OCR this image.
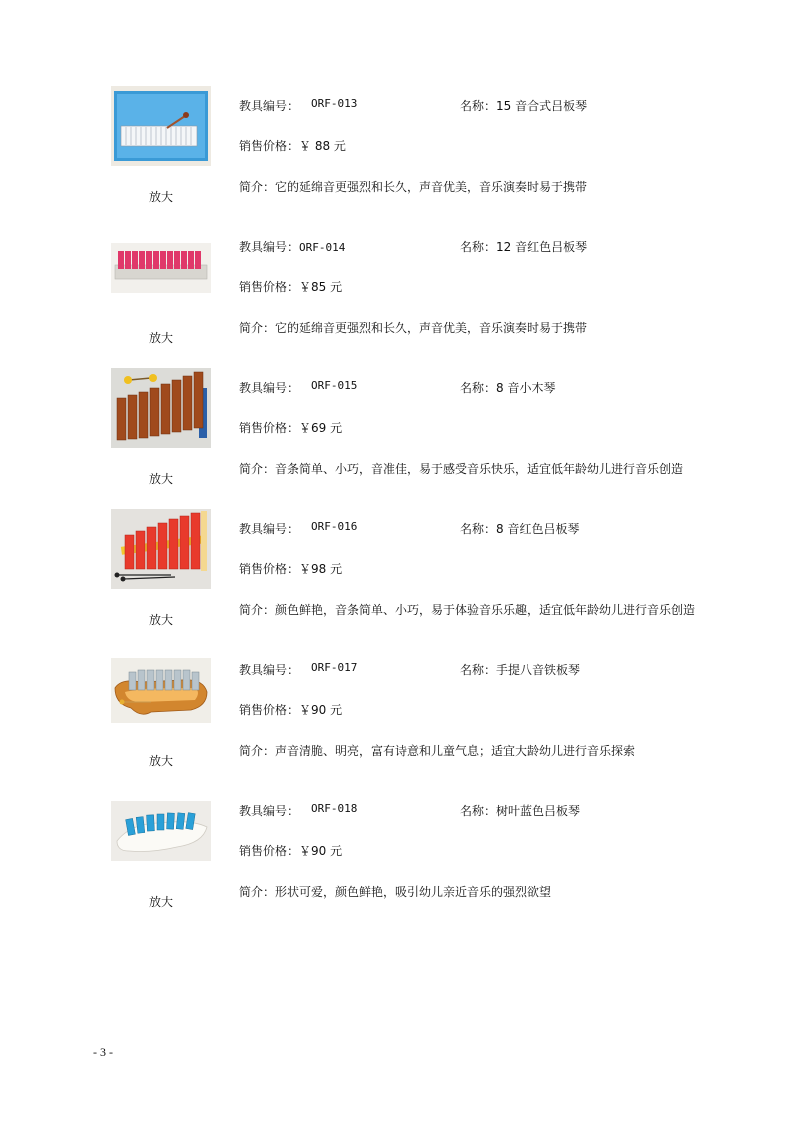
放大
教具编号： ORF-013	名称：15 音合式吕板琴
销售价格：￥ 88 元
简介：它的延绵音更强烈和长久，声音优美，音乐演奏时易于携带
放大
教具编号：ORF-014	名称：12 音红色吕板琴
销售价格：￥85 元
简介：它的延绵音更强烈和长久，声音优美，音乐演奏时易于携带
放大
教具编号： ORF-015	名称：8 音小木琴
销售价格：￥69 元
简介：音条简单、小巧，音准佳，易于感受音乐快乐，适宜低年龄幼儿进行音乐创造
放大
教具编号： ORF-016	名称：8 音红色吕板琴
销售价格：￥98 元
简介：颜色鲜艳，音条简单、小巧，易于体验音乐乐趣，适宜低年龄幼儿进行音乐创造
放大
教具编号： ORF-017	名称：手提八音铁板琴
销售价格：￥90 元
简介：声音清脆、明亮，富有诗意和儿童气息；适宜大龄幼儿进行音乐探索
放大
教具编号： ORF-018	名称：树叶蓝色吕板琴
销售价格：￥90 元
简介：形状可爱，颜色鲜艳，吸引幼儿亲近音乐的强烈欲望
- 3 -
